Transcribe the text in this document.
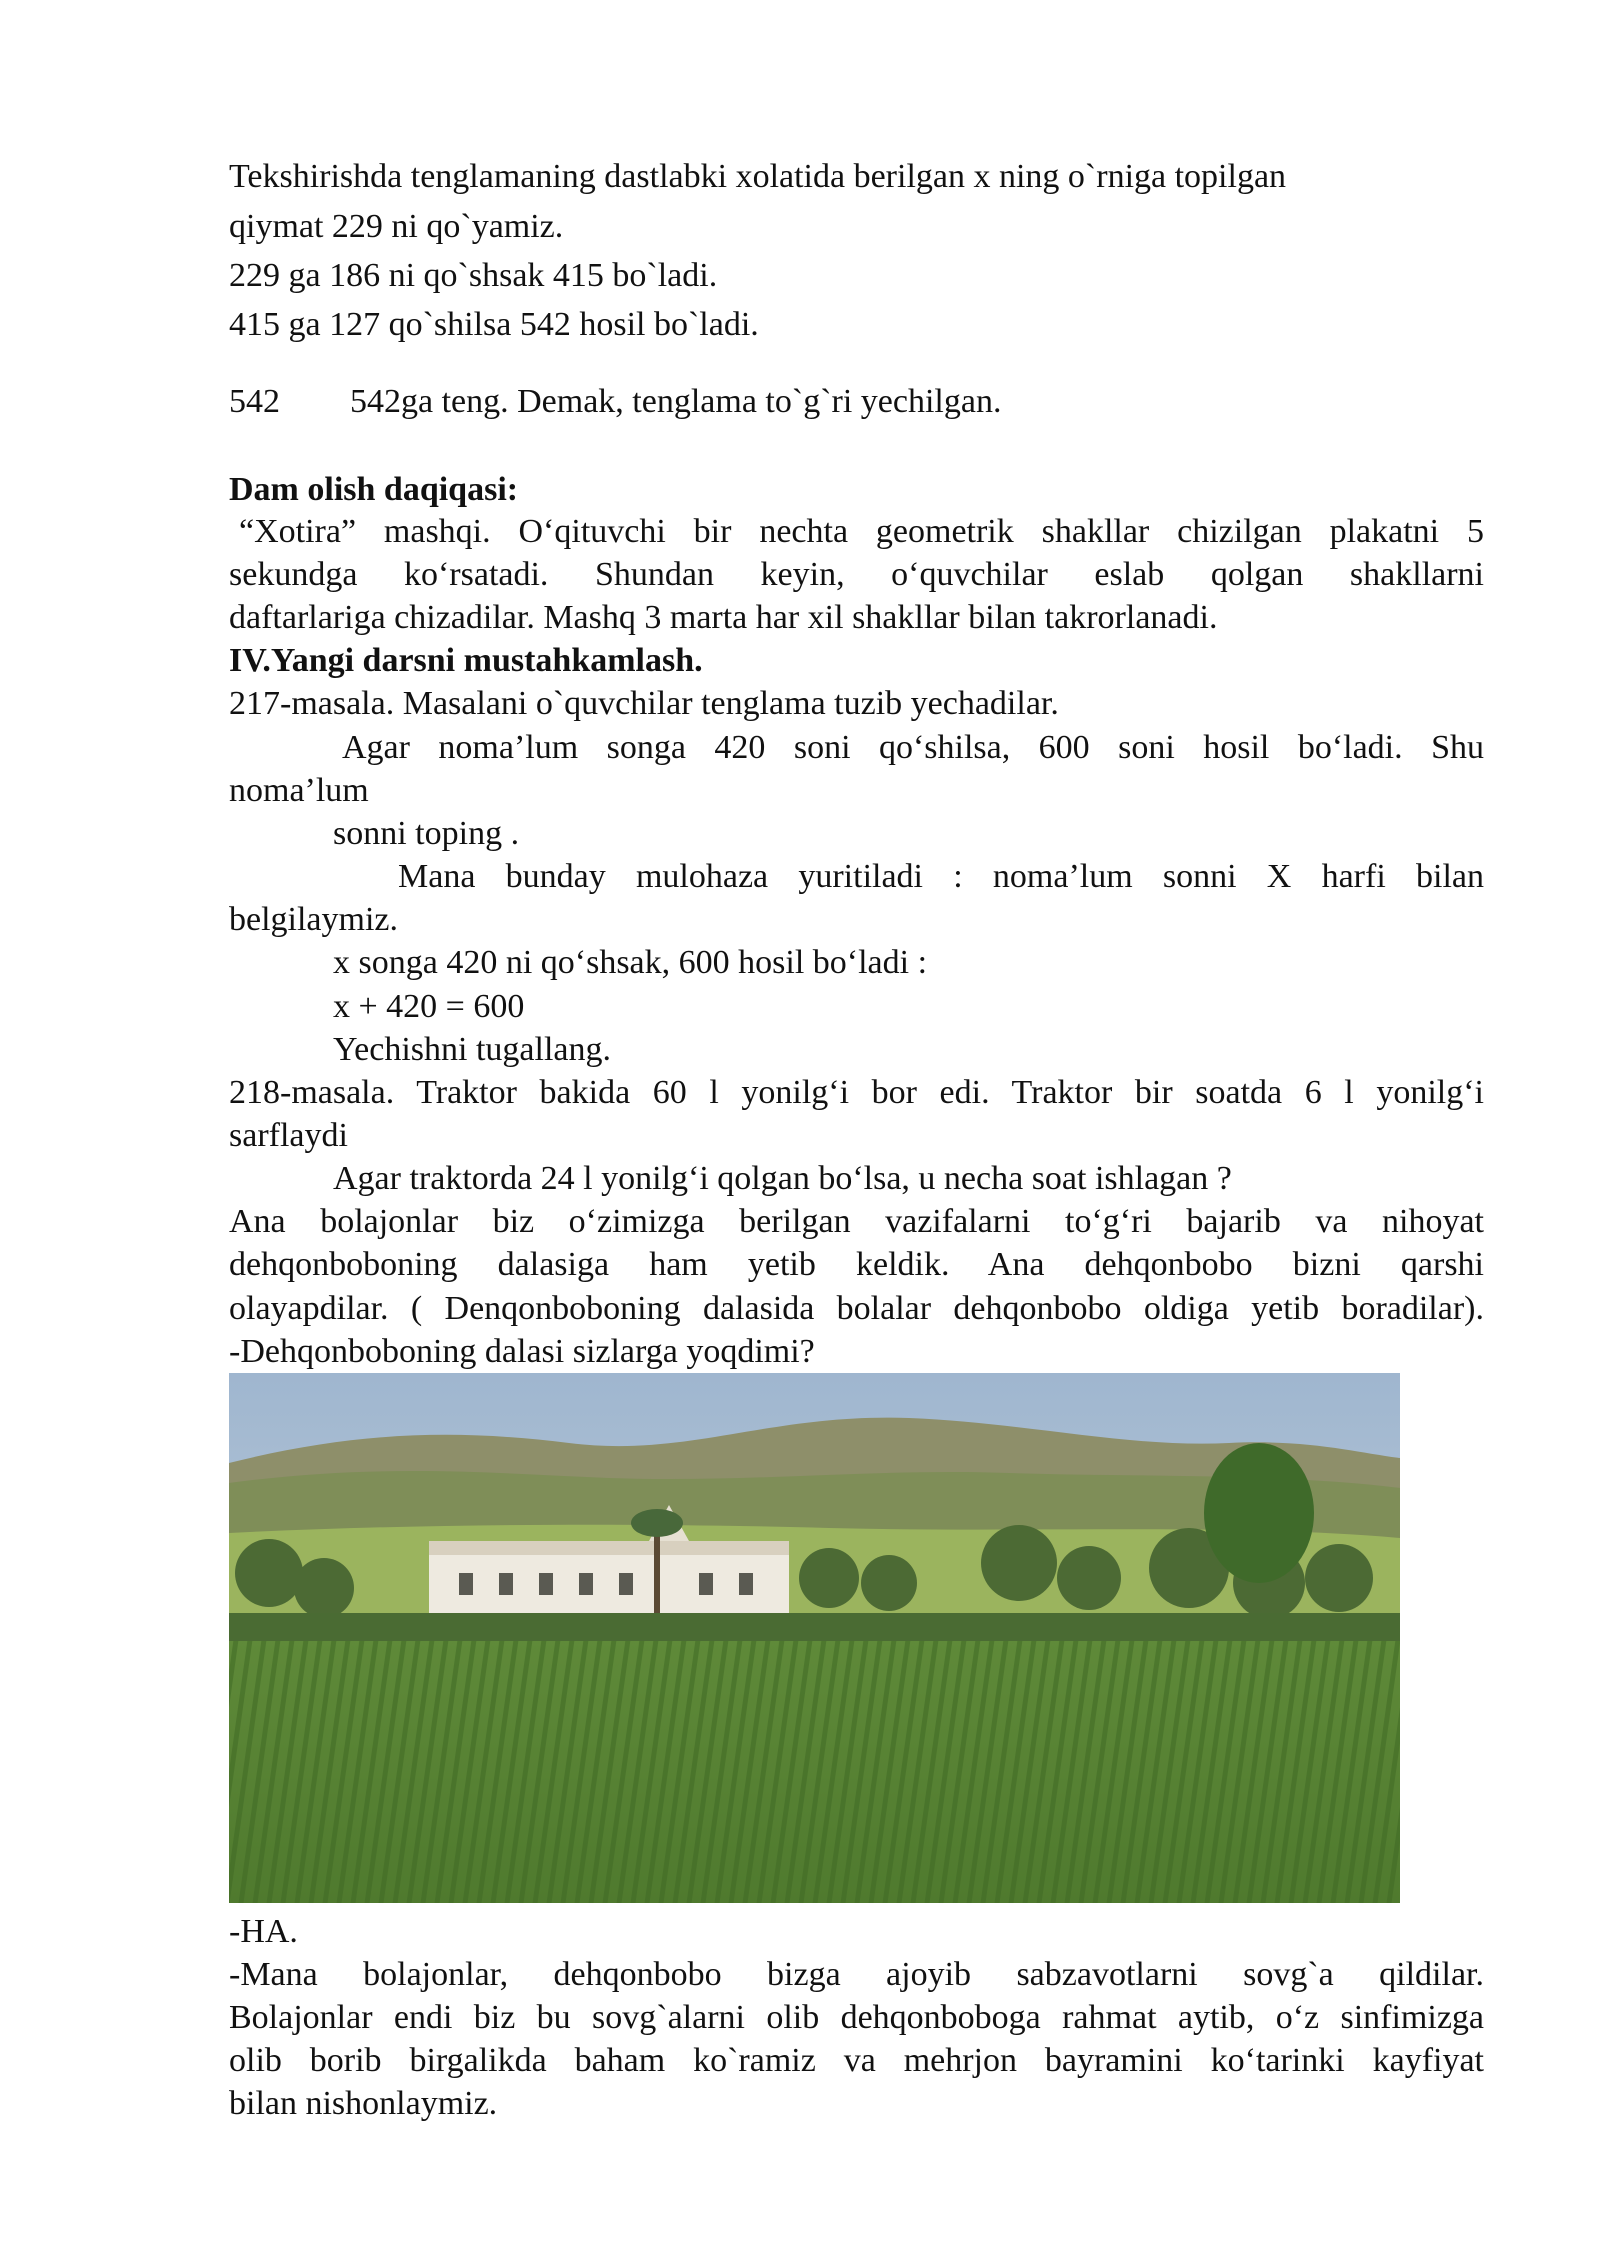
Tekshirishda tenglamaning dastlabki xolatida berilgan x ning o`rniga topilgan
qiymat 229 ni qo`yamiz.
229 ga 186 ni qo`shsak 415 bo`ladi.
415 ga 127 qo`shilsa 542 hosil bo`ladi.
542 542ga teng. Demak, tenglama to`g`ri yechilgan.
Dam olish daqiqasi:
“Xotira” mashqi. O‘qituvchi bir nechta geometrik shakllar chizilgan plakatni 5
sekundga ko‘rsatadi. Shundan keyin, o‘quvchilar eslab qolgan shakllarni
daftarlariga chizadilar. Mashq 3 marta har xil shakllar bilan takrorlanadi.
IV.Yangi darsni mustahkamlash.
217-masala. Masalani o`quvchilar tenglama tuzib yechadilar.
Agar noma’lum songa 420 soni qo‘shilsa, 600 soni hosil bo‘ladi. Shu
noma’lum
sonni toping .
Mana bunday mulohaza yuritiladi : noma’lum sonni X harfi bilan
belgilaymiz.
x songa 420 ni qo‘shsak, 600 hosil bo‘ladi :
x + 420 = 600
Yechishni tugallang.
218-masala. Traktor bakida 60 l yonilg‘i bor edi. Traktor bir soatda 6 l yonilg‘i
sarflaydi
Agar traktorda 24 l yonilg‘i qolgan bo‘lsa, u necha soat ishlagan ?
Ana bolajonlar biz o‘zimizga berilgan vazifalarni to‘g‘ri bajarib va nihoyat
dehqonboboning dalasiga ham yetib keldik. Ana dehqonbobo bizni qarshi
olayapdilar. ( Denqonboboning dalasida bolalar dehqonbobo oldiga yetib boradilar).
-Dehqonboboning dalasi sizlarga yoqdimi?
-HA.
-Mana bolajonlar, dehqonbobo bizga ajoyib sabzavotlarni sovg`a qildilar.
Bolajonlar endi biz bu sovg`alarni olib dehqonboboga rahmat aytib, o‘z sinfimizga
olib borib birgalikda baham ko`ramiz va mehrjon bayramini ko‘tarinki kayfiyat
bilan nishonlaymiz.
